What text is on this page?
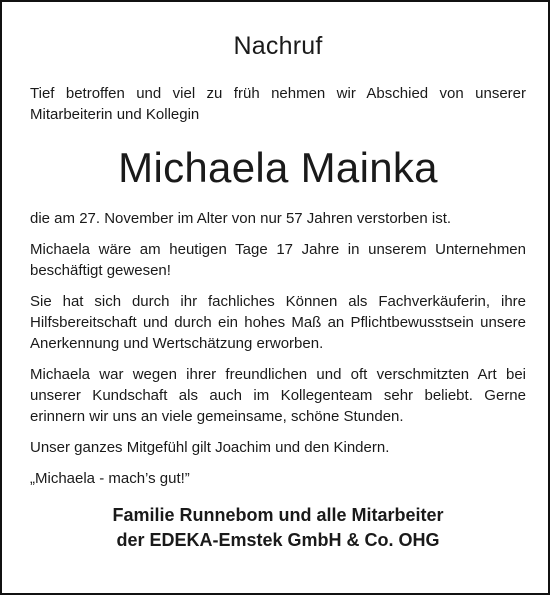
Nachruf

Tief betroffen und viel zu früh nehmen wir Abschied von unserer Mitarbeiterin und Kollegin

Michaela Mainka

die am 27. November im Alter von nur 57 Jahren verstorben ist.

Michaela wäre am heutigen Tage 17 Jahre in unserem Unternehmen beschäftigt gewesen!

Sie hat sich durch ihr fachliches Können als Fachverkäuferin, ihre Hilfsbereitschaft und durch ein hohes Maß an Pflichtbewusstsein unsere Anerkennung und Wertschätzung erworben.

Michaela war wegen ihrer freundlichen und oft verschmitzten Art bei unserer Kundschaft als auch im Kollegenteam sehr beliebt. Gerne erinnern wir uns an viele gemeinsame, schöne Stunden.

Unser ganzes Mitgefühl gilt Joachim und den Kindern.

„Michaela - mach’s gut!”

Familie Runnebom und alle Mitarbeiter
der EDEKA-Emstek GmbH & Co. OHG
